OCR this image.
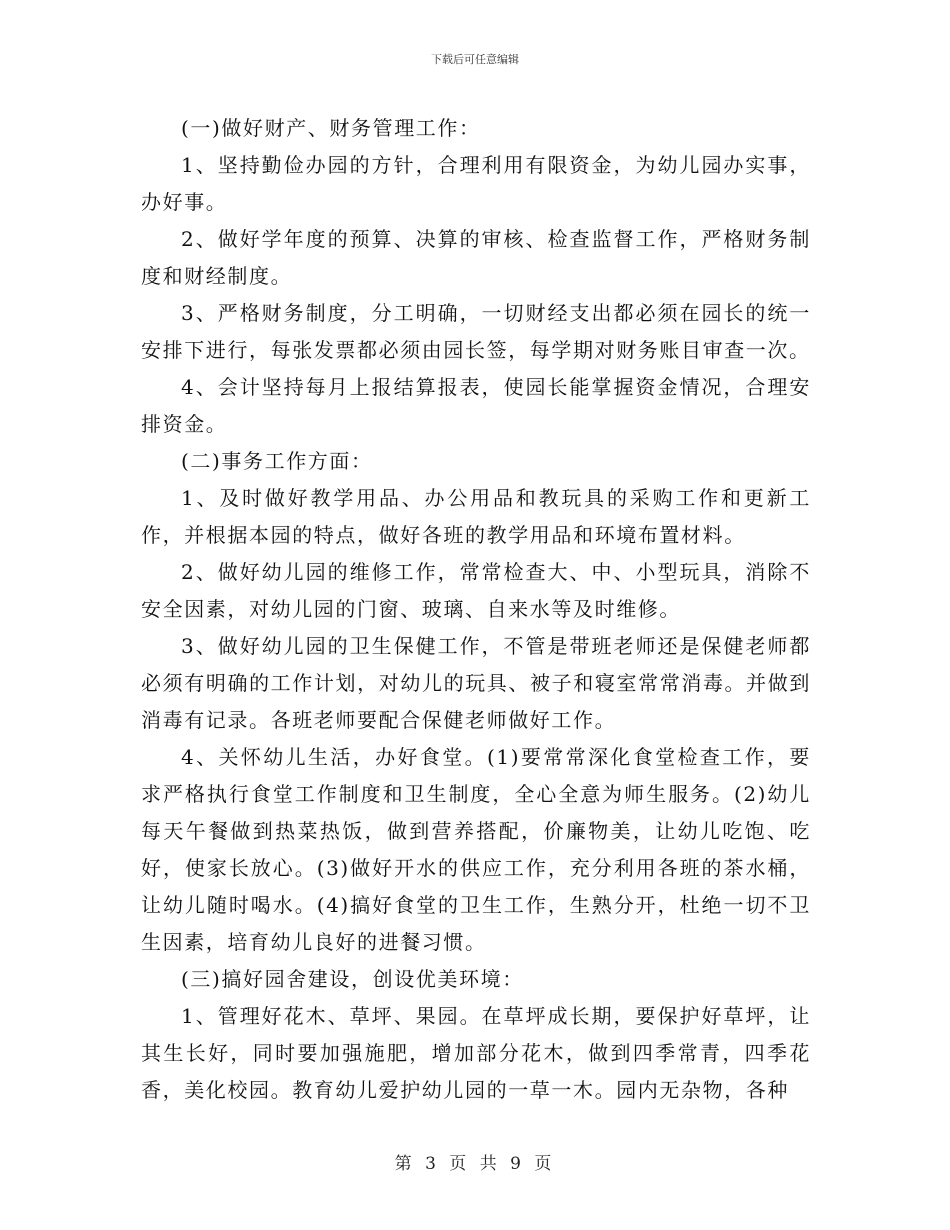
下载后可任意编辑

(一)做好财产、财务管理工作：

1、坚持勤俭办园的方针，合理利用有限资金，为幼儿园办实事，办好事。

2、做好学年度的预算、决算的审核、检查监督工作，严格财务制度和财经制度。

3、严格财务制度，分工明确，一切财经支出都必须在园长的统一安排下进行，每张发票都必须由园长签，每学期对财务账目审查一次。

4、会计坚持每月上报结算报表，使园长能掌握资金情况，合理安排资金。

(二)事务工作方面：

1、及时做好教学用品、办公用品和教玩具的采购工作和更新工作，并根据本园的特点，做好各班的教学用品和环境布置材料。

2、做好幼儿园的维修工作，常常检查大、中、小型玩具，消除不安全因素，对幼儿园的门窗、玻璃、自来水等及时维修。

3、做好幼儿园的卫生保健工作，不管是带班老师还是保健老师都必须有明确的工作计划，对幼儿的玩具、被子和寝室常常消毒。并做到消毒有记录。各班老师要配合保健老师做好工作。

4、关怀幼儿生活，办好食堂。(1)要常常深化食堂检查工作，要求严格执行食堂工作制度和卫生制度，全心全意为师生服务。(2)幼儿每天午餐做到热菜热饭，做到营养搭配，价廉物美，让幼儿吃饱、吃好，使家长放心。(3)做好开水的供应工作，充分利用各班的茶水桶，让幼儿随时喝水。(4)搞好食堂的卫生工作，生熟分开，杜绝一切不卫生因素，培育幼儿良好的进餐习惯。

(三)搞好园舍建设，创设优美环境：

1、管理好花木、草坪、果园。在草坪成长期，要保护好草坪，让其生长好，同时要加强施肥，增加部分花木，做到四季常青，四季花香，美化校园。教育幼儿爱护幼儿园的一草一木。园内无杂物，各种

第 3 页 共 9 页
